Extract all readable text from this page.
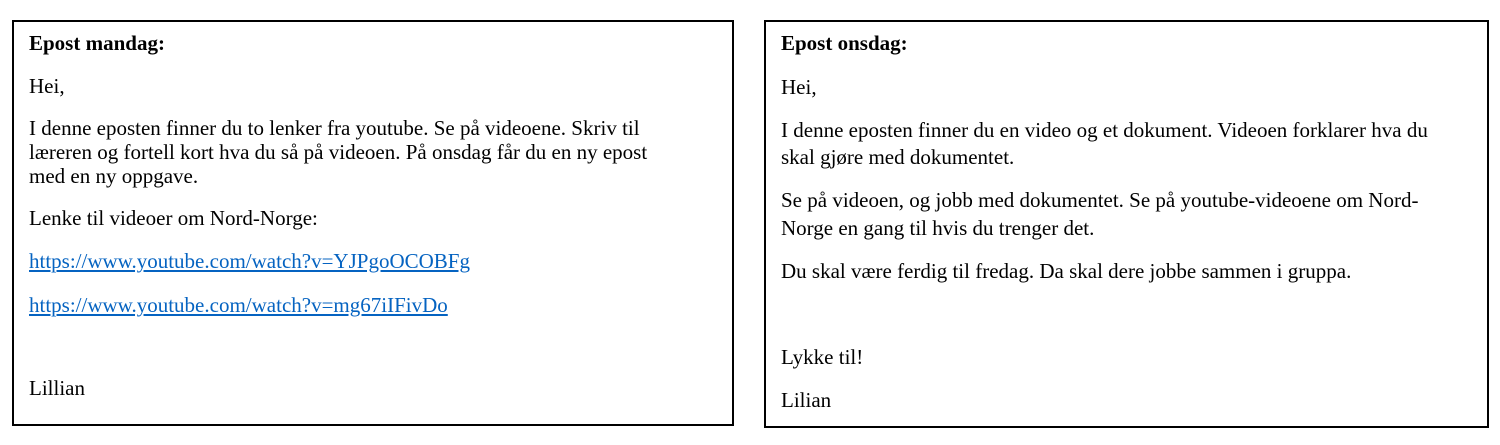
Epost mandag:

Hei,

I denne eposten finner du to lenker fra youtube. Se på videoene. Skriv til

læreren og fortell kort hva du så på videoen. På onsdag får du en ny epost

med en ny oppgave.

Lenke til videoer om Nord-Norge:

https://www.youtube.com/watch?v=YJPgoOCOBFg
https://www.youtube.com/watch?v=mg67iIFivDo

Lillian

Epost onsdag:

Hei,

I denne eposten finner du en video og et dokument. Videoen forklarer hva du

skal gjøre med dokumentet.

Se på videoen, og jobb med dokumentet. Se på youtube-videoene om Nord-

Norge en gang til hvis du trenger det.

Du skal være ferdig til fredag. Da skal dere jobbe sammen i gruppa.

Lykke til!

Lilian
